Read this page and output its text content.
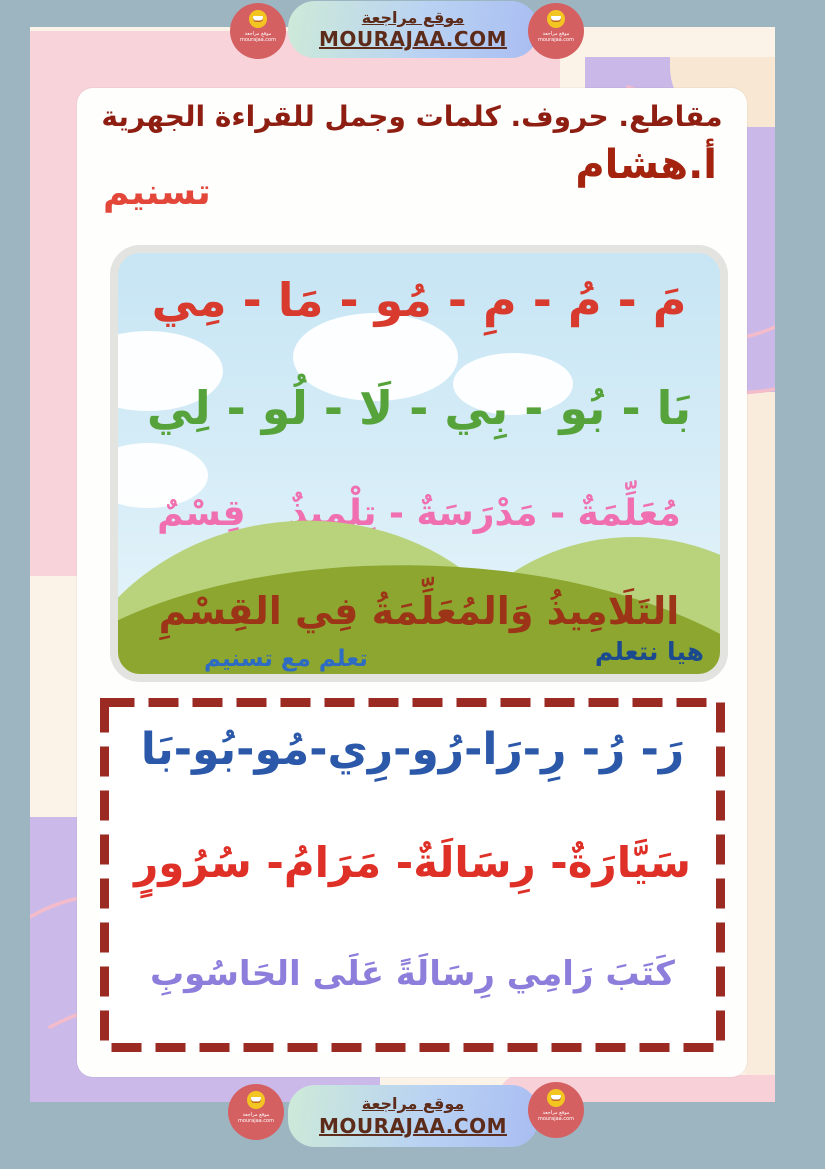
موقع مراجعة
mourajaa.com
موقع مراجعة
MOURAJAA.COM	موقع مراجعة
mourajaa.com
مقاطع. حروف. كلمات وجمل للقراءة الجهرية
أ.هشام
تسنيم
مَ - مُ - مِ - مُو - مَا - مِي
بَا - بُو - بِي - لَا - لُو - لِي
مُعَلِّمَةٌ - مَدْرَسَةٌ - تِلْمِيذٌ _ قِسْمٌ
التَلَامِيذُ وَالمُعَلِّمَةُ فِي القِسْمِ
هيا نتعلم
تعلم مع تسنيم
رَ- رُ- رِ-رَا-رُو-رِي-مُو-بُو-بَا
سَيَّارَةٌ- رِسَالَةٌ- مَرَامُ- سُرُورٍ
كَتَبَ رَامِي رِسَالَةً عَلَى الحَاسُوبِ
موقع مراجعة
mourajaa.com
موقع مراجعة
MOURAJAA.COM
موقع مراجعة
mourajaa.com
